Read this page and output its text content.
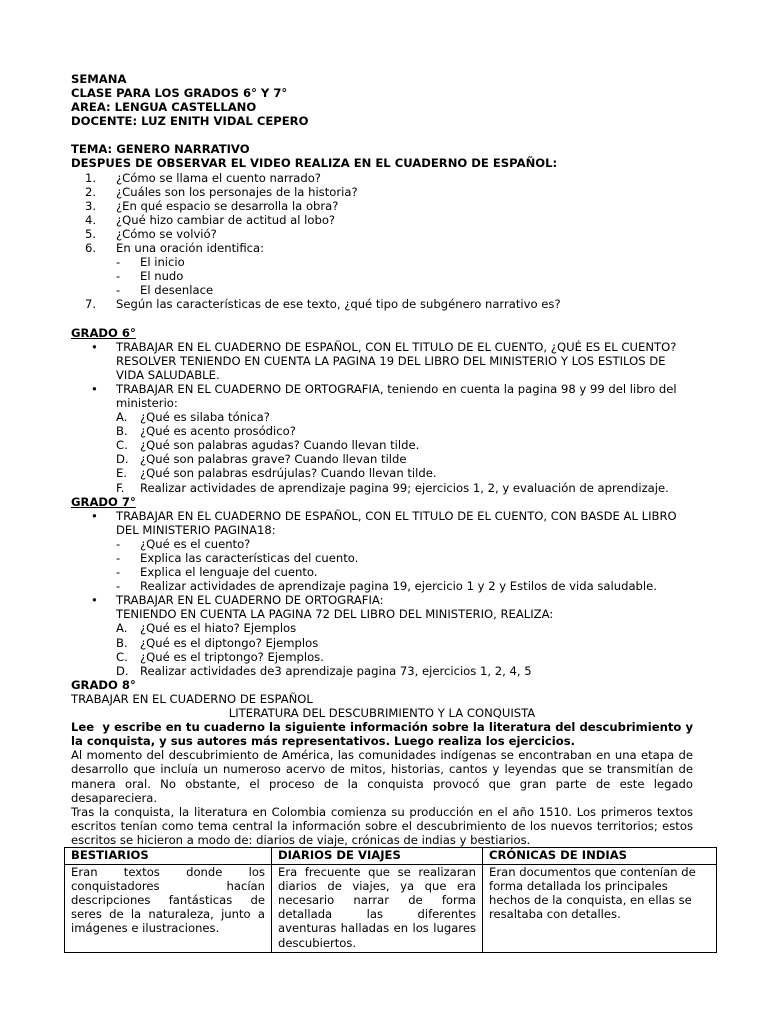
SEMANA
CLASE PARA LOS GRADOS 6° Y 7°
AREA: LENGUA CASTELLANO
DOCENTE: LUZ ENITH VIDAL CEPERO
TEMA: GENERO NARRATIVO
DESPUES DE OBSERVAR EL VIDEO REALIZA EN EL CUADERNO DE ESPAÑOL:
1.	¿Cómo se llama el cuento narrado?
2.	¿Cuáles son los personajes de la historia?
3.	¿En qué espacio se desarrolla la obra?
4.	¿Qué hizo cambiar de actitud al lobo?
5.	¿Cómo se volvió?
6.	En una oración identifica:
-	El inicio
-	El nudo
-	El desenlace
7.	Según las características de ese texto, ¿qué tipo de subgénero narrativo es?
GRADO 6°
•	TRABAJAR EN EL CUADERNO DE ESPAÑOL, CON EL TITULO DE EL CUENTO, ¿QUÉ ES EL CUENTO? RESOLVER TENIENDO EN CUENTA LA PAGINA 19 DEL LIBRO DEL MINISTERIO Y LOS ESTILOS DE VIDA SALUDABLE.
•	TRABAJAR EN EL CUADERNO DE ORTOGRAFIA, teniendo en cuenta la pagina 98 y 99 del libro del ministerio:
A.	¿Qué es silaba tónica?
B.	¿Qué es acento prosódico?
C.	¿Qué son palabras agudas? Cuando llevan tilde.
D. ¿Qué son palabras grave? Cuando llevan tilde
E.	¿Qué son palabras esdrújulas? Cuando llevan tilde.
F.	Realizar actividades de aprendizaje pagina 99; ejercicios 1, 2, y evaluación de aprendizaje.
GRADO 7°
•	TRABAJAR EN EL CUADERNO DE ESPAÑOL, CON EL TITULO DE EL CUENTO, CON BASDE AL LIBRO DEL MINISTERIO PAGINA18:
-	¿Qué es el cuento?
-	Explica las características del cuento.
-	Explica el lenguaje del cuento.
-	Realizar actividades de aprendizaje pagina 19, ejercicio 1 y 2 y Estilos de vida saludable.
•	TRABAJAR EN EL CUADERNO DE ORTOGRAFIA:
TENIENDO EN CUENTA LA PAGINA 72 DEL LIBRO DEL MINISTERIO, REALIZA:
A.	¿Qué es el hiato? Ejemplos
B.	¿Qué es el diptongo? Ejemplos
C.	¿Qué es el triptongo? Ejemplos.
D. Realizar actividades de3 aprendizaje pagina 73, ejercicios 1, 2, 4, 5
GRADO 8°
TRABAJAR EN EL CUADERNO DE ESPAÑOL
LITERATURA DEL DESCUBRIMIENTO Y LA CONQUISTA
Lee y escribe en tu cuaderno la siguiente información sobre la literatura del descubrimiento y la conquista, y sus autores más representativos. Luego realiza los ejercicios.
Al momento del descubrimiento de América, las comunidades indígenas se encontraban en una etapa de desarrollo que incluía un numeroso acervo de mitos, historias, cantos y leyendas que se transmitían de manera oral. No obstante, el proceso de la conquista provocó que gran parte de este legado desapareciera.
Tras la conquista, la literatura en Colombia comienza su producción en el año 1510. Los primeros textos escritos tenían como tema central la información sobre el descubrimiento de los nuevos territorios; estos escritos se hicieron a modo de: diarios de viaje, crónicas de indias y bestiarios.
BESTIARIOS	DIARIOS DE VIAJES	CRÓNICAS DE INDIAS
Eran textos donde los conquistadores hacían descripciones fantásticas de seres de la naturaleza, junto a imágenes e ilustraciones.	Era frecuente que se realizaran diarios de viajes, ya que era necesario narrar de forma detallada las diferentes aventuras halladas en los lugares descubiertos.	Eran documentos que contenían de forma detallada los principales hechos de la conquista, en ellas se resaltaba con detalles.
